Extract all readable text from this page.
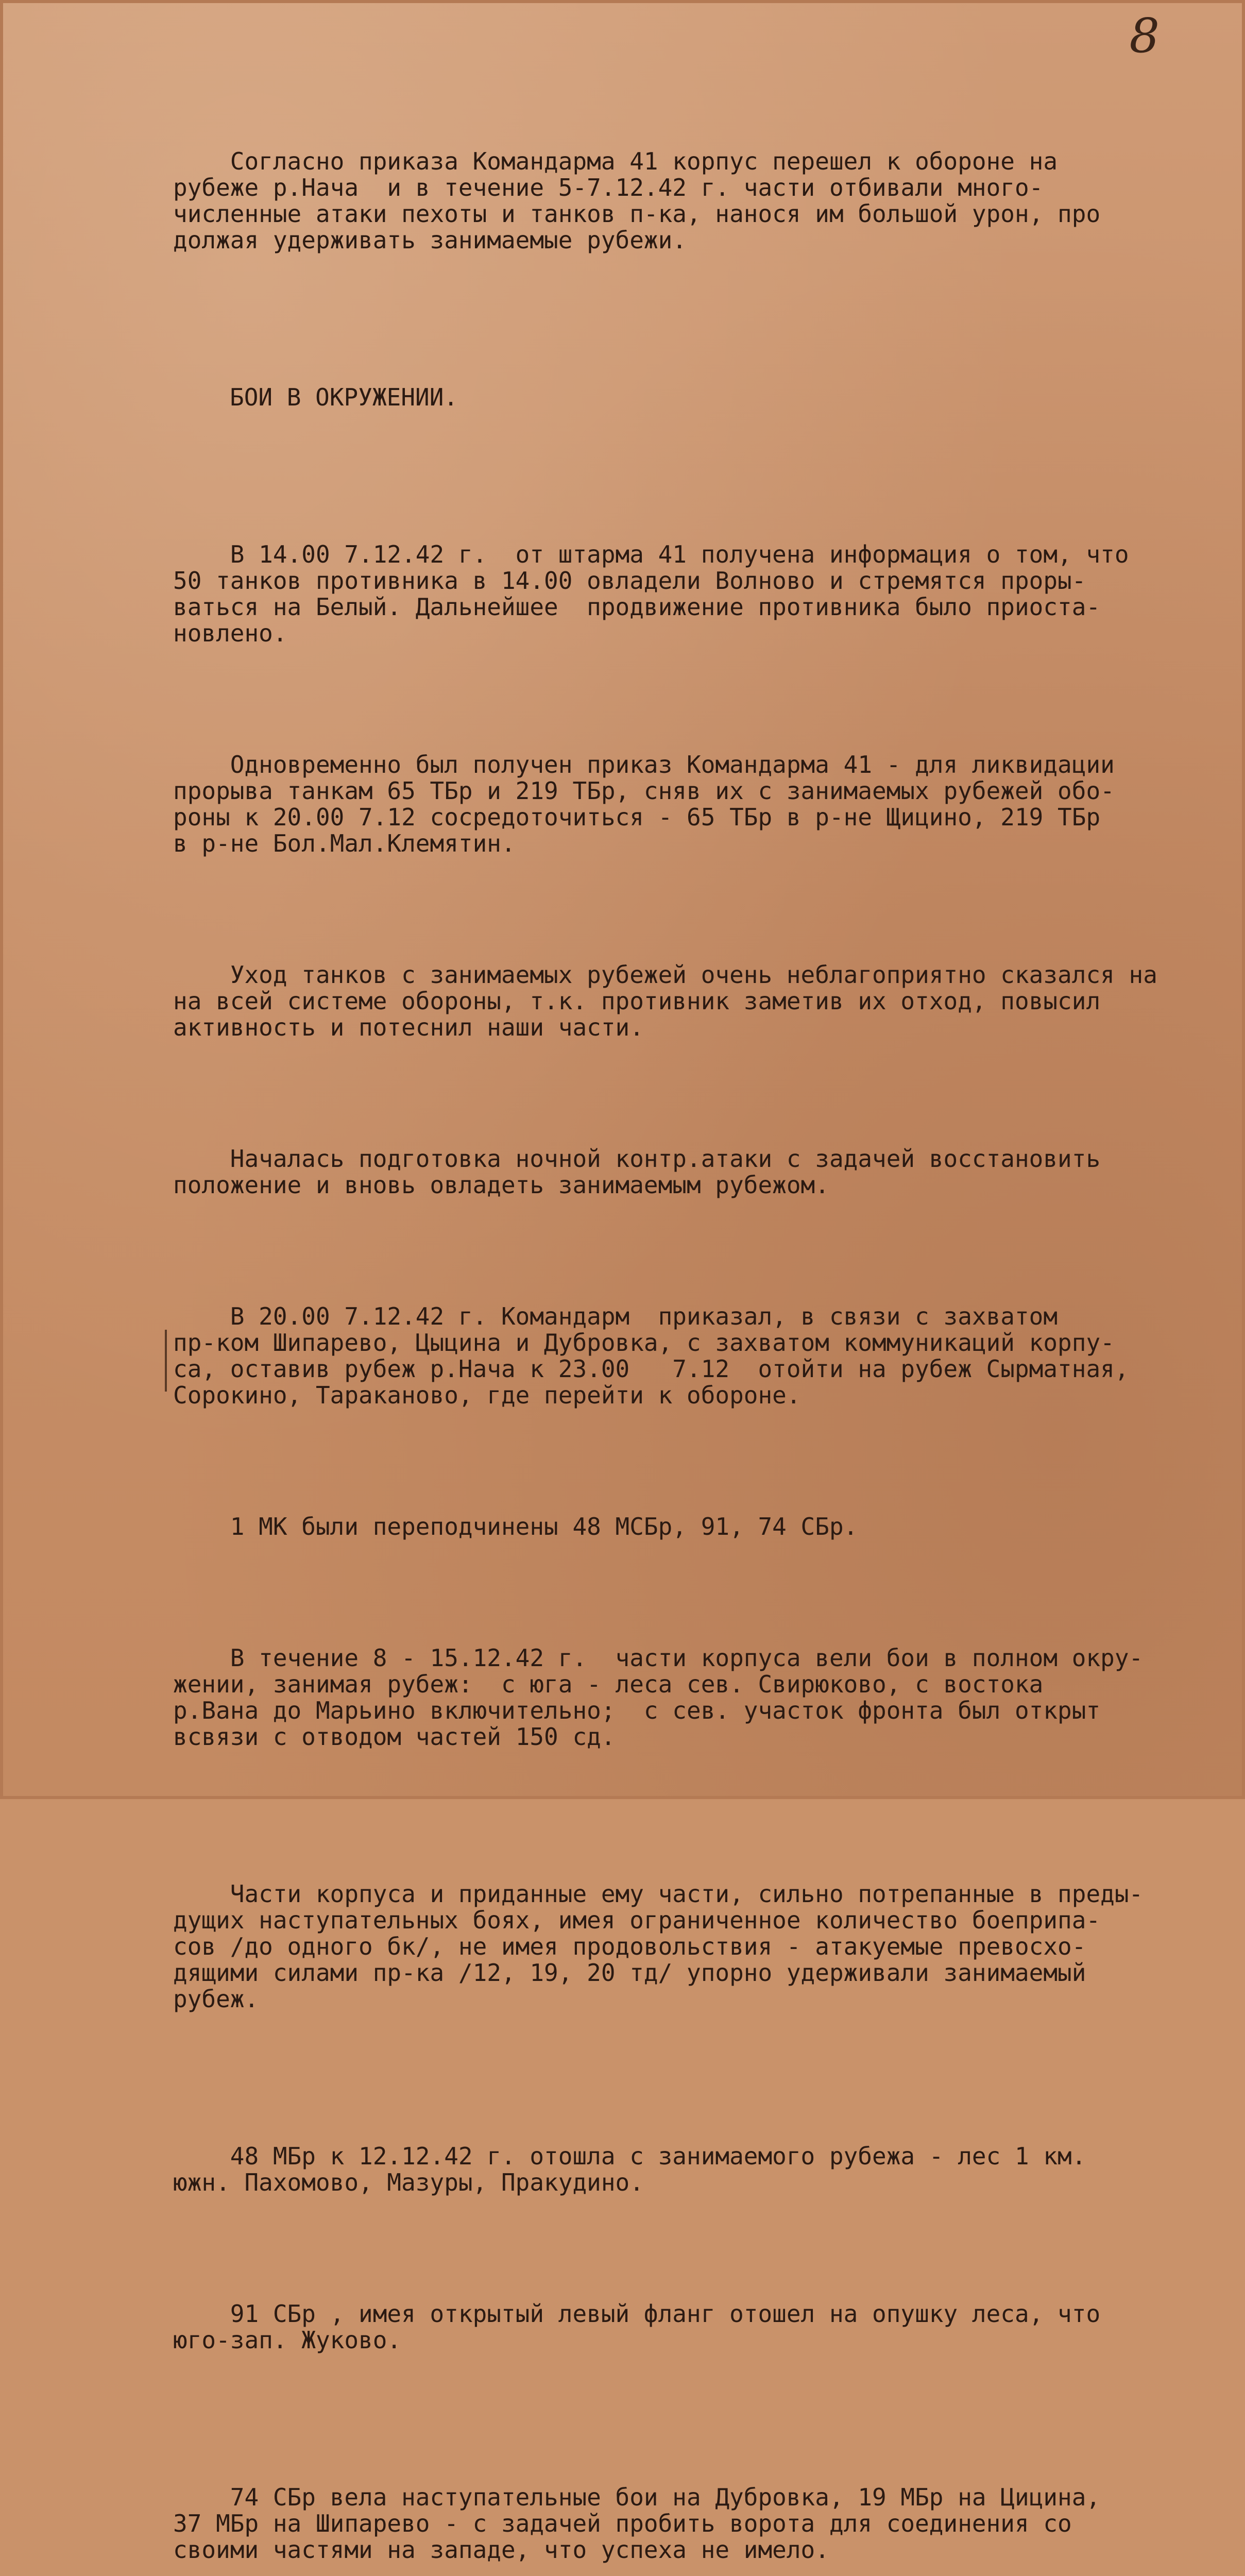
8

Согласно приказа Командарма 41 корпус перешел к обороне на
рубеже р.Нача  и в течение 5-7.12.42 г. части отбивали много-
численные атаки пехоты и танков п-ка, нанося им большой урон, про
должая удерживать занимаемые рубежи.

БОИ В ОКРУЖЕНИИ.

В 14.00 7.12.42 г.  от штарма 41 получена информация о том, что
50 танков противника в 14.00 овладели Волново и стремятся проры-
ваться на Белый. Дальнейшее  продвижение противника было приоста-
новлено.

Одновременно был получен приказ Командарма 41 - для ликвидации
прорыва танкам 65 ТБр и 219 ТБр, сняв их с занимаемых рубежей обо-
роны к 20.00 7.12 сосредоточиться - 65 ТБр в р-не Щицино, 219 ТБр
в р-не Бол.Мал.Клемятин.

Уход танков с занимаемых рубежей очень неблагоприятно сказался на
на всей системе обороны, т.к. противник заметив их отход, повысил
активность и потеснил наши части.

Началась подготовка ночной контр.атаки с задачей восстановить
положение и вновь овладеть занимаемым рубежом.

В 20.00 7.12.42 г. Командарм  приказал, в связи с захватом
пр-ком Шипарево, Цыцина и Дубровка, с захватом коммуникаций корпу-
са, оставив рубеж р.Нача к 23.00   7.12  отойти на рубеж Сырматная,
Сорокино, Тараканово, где перейти к обороне.

1 МК были переподчинены 48 МСБр, 91, 74 СБр.

В течение 8 - 15.12.42 г.  части корпуса вели бои в полном окру-
жении, занимая рубеж:  с юга - леса сев. Свирюково, с востока
р.Вана до Марьино включительно;  с сев. участок фронта был открыт
всвязи с отводом частей 150 сд.

Части корпуса и приданные ему части, сильно потрепанные в преды-
дущих наступательных боях, имея ограниченное количество боеприпа-
сов /до одного бк/, не имея продовольствия - атакуемые превосхо-
дящими силами пр-ка /12, 19, 20 тд/ упорно удерживали занимаемый
рубеж.

48 МБр к 12.12.42 г. отошла с занимаемого рубежа - лес 1 км.
южн. Пахомово, Мазуры, Пракудино.

91 СБр , имея открытый левый фланг отошел на опушку леса, что
юго-зап. Жуково.

74 СБр вела наступательные бои на Дубровка, 19 МБр на Цицина,
37 МБр на Шипарево - с задачей пробить ворота для соединения со
своими частями на западе, что успеха не имело.
